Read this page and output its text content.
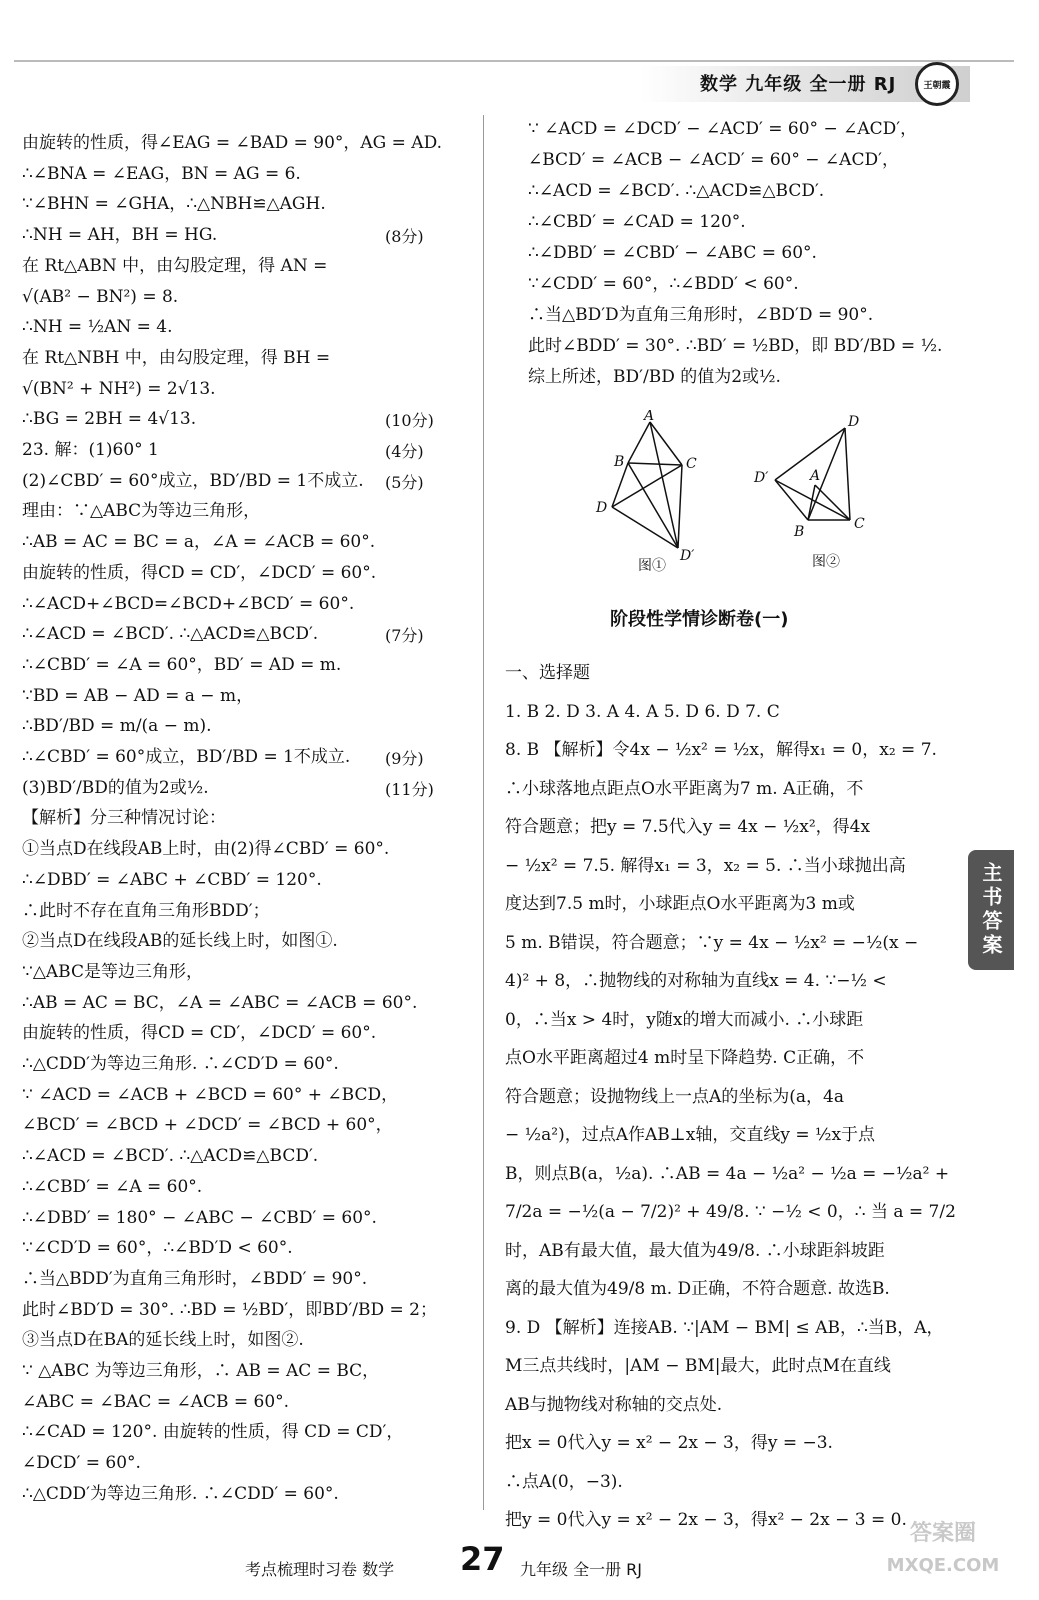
数学 九年级 全一册 RJ	王朝霞
由旋转的性质，得∠EAG = ∠BAD = 90°，AG = AD.
∴∠BNA = ∠EAG，BN = AG = 6.
∵∠BHN = ∠GHA，∴△NBH≌△AGH.
∴NH = AH，BH = HG.	(8分)
在 Rt△ABN 中，由勾股定理，得 AN =
√(AB² − BN²) = 8.
∴NH = ½AN = 4.
在 Rt△NBH 中，由勾股定理，得 BH =
√(BN² + NH²) = 2√13.
∴BG = 2BH = 4√13.	(10分)
23. 解：(1)60° 1	(4分)
(2)∠CBD′ = 60°成立，BD′/BD = 1不成立. (5分)
理由：∵△ABC为等边三角形，
∴AB = AC = BC = a，∠A = ∠ACB = 60°.
由旋转的性质，得CD = CD′，∠DCD′ = 60°.
∴∠ACD+∠BCD=∠BCD+∠BCD′ = 60°.
∴∠ACD = ∠BCD′. ∴△ACD≌△BCD′.	(7分)
∴∠CBD′ = ∠A = 60°，BD′ = AD = m.
∵BD = AB − AD = a − m，
∴BD′/BD = m/(a − m).
∴∠CBD′ = 60°成立，BD′/BD = 1不成立. (9分)
(3)BD′/BD的值为2或½.	(11分)
【解析】分三种情况讨论：
①当点D在线段AB上时，由(2)得∠CBD′ = 60°.
∴∠DBD′ = ∠ABC + ∠CBD′ = 120°.
∴此时不存在直角三角形BDD′；
②当点D在线段AB的延长线上时，如图①.
∵△ABC是等边三角形，
∴AB = AC = BC，∠A = ∠ABC = ∠ACB = 60°.
由旋转的性质，得CD = CD′，∠DCD′ = 60°.
∴△CDD′为等边三角形. ∴∠CD′D = 60°.
∵ ∠ACD = ∠ACB + ∠BCD = 60° + ∠BCD，
∠BCD′ = ∠BCD + ∠DCD′ = ∠BCD + 60°，
∴∠ACD = ∠BCD′. ∴△ACD≌△BCD′.
∴∠CBD′ = ∠A = 60°.
∴∠DBD′ = 180° − ∠ABC − ∠CBD′ = 60°.
∵∠CD′D = 60°，∴∠BD′D < 60°.
∴当△BDD′为直角三角形时，∠BDD′ = 90°.
此时∠BD′D = 30°. ∴BD = ½BD′，即BD′/BD = 2；
③当点D在BA的延长线上时，如图②.
∵ △ABC 为等边三角形，∴ AB = AC = BC，
∠ABC = ∠BAC = ∠ACB = 60°.
∴∠CAD = 120°. 由旋转的性质，得 CD = CD′，
∠DCD′ = 60°.
∴△CDD′为等边三角形. ∴∠CDD′ = 60°.
∵ ∠ACD = ∠DCD′ − ∠ACD′ = 60° − ∠ACD′，
∠BCD′ = ∠ACB − ∠ACD′ = 60° − ∠ACD′，
∴∠ACD = ∠BCD′. ∴△ACD≌△BCD′.
∴∠CBD′ = ∠CAD = 120°.
∴∠DBD′ = ∠CBD′ − ∠ABC = 60°.
∵∠CDD′ = 60°，∴∠BDD′ < 60°.
∴当△BD′D为直角三角形时，∠BD′D = 90°.
此时∠BDD′ = 30°. ∴BD′ = ½BD，即 BD′/BD = ½.
综上所述，BD′/BD 的值为2或½.
A
B	C
D
D′
D
D′	A
B	C
图①	图②
阶段性学情诊断卷(一)
一、选择题
1. B 2. D 3. A 4. A 5. D 6. D 7. C
8. B 【解析】令4x − ½x² = ½x，解得x₁ = 0，x₂ = 7.
∴小球落地点距点O水平距离为7 m. A正确，不
符合题意；把y = 7.5代入y = 4x − ½x²，得4x
− ½x² = 7.5. 解得x₁ = 3，x₂ = 5. ∴当小球抛出高
度达到7.5 m时，小球距点O水平距离为3 m或
5 m. B错误，符合题意；∵y = 4x − ½x² = −½(x −
4)² + 8，∴抛物线的对称轴为直线x = 4. ∵−½ <
0，∴当x > 4时，y随x的增大而减小. ∴小球距
点O水平距离超过4 m时呈下降趋势. C正确，不
符合题意；设抛物线上一点A的坐标为(a，4a
− ½a²)，过点A作AB⊥x轴，交直线y = ½x于点
B，则点B(a，½a). ∴AB = 4a − ½a² − ½a = −½a² +
7/2a = −½(a − 7/2)² + 49/8. ∵ −½ < 0，∴ 当 a = 7/2
时，AB有最大值，最大值为49/8. ∴小球距斜坡距
离的最大值为49/8 m. D正确，不符合题意. 故选B.
9. D 【解析】连接AB. ∵|AM − BM| ≤ AB，∴当B，A，
M三点共线时，|AM − BM|最大，此时点M在直线
AB与抛物线对称轴的交点处.
把x = 0代入y = x² − 2x − 3，得y = −3.
∴点A(0，−3).
把y = 0代入y = x² − 2x − 3，得x² − 2x − 3 = 0.
主书答案
考点梳理时习卷 数学 27 九年级 全一册 RJ
答案圈
MXQE.COM
